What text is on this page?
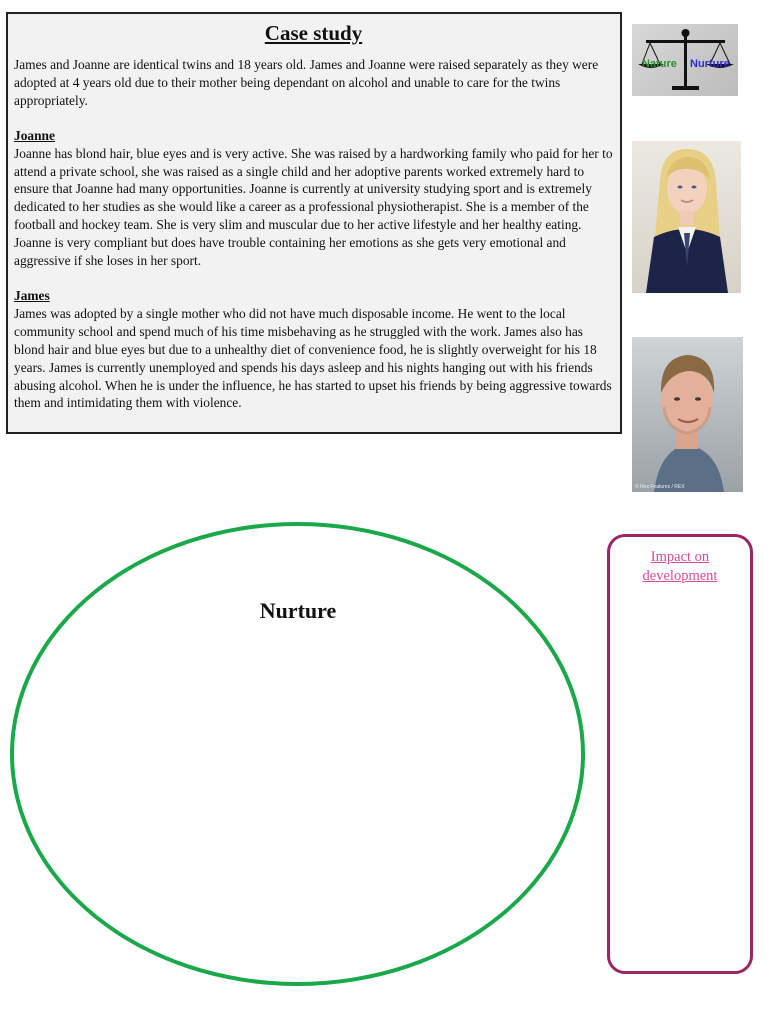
Case study

James and Joanne are identical twins and 18 years old. James and Joanne were raised separately as they were adopted at 4 years old due to their mother being dependant on alcohol and unable to care for the twins appropriately.

Joanne

Joanne has blond hair, blue eyes and is very active. She was raised by a hardworking family who paid for her to attend a private school, she was raised as a single child and her adoptive parents worked extremely hard to ensure that Joanne had many opportunities. Joanne is currently at university studying sport and is extremely dedicated to her studies as she would like a career as a professional physiotherapist. She is a member of the football and hockey team. She is very slim and muscular due to her active lifestyle and her healthy eating. Joanne is very compliant but does have trouble containing her emotions as she gets very emotional and aggressive if she loses in her sport.

James

James was adopted by a single mother who did not have much disposable income. He went to the local community school and spend much of his time misbehaving as he struggled with the work. James also has blond hair and blue eyes but due to a unhealthy diet of convenience food, he is slightly overweight for his 18 years. James is currently unemployed and spends his days asleep and his nights hanging out with his friends abusing alcohol. When he is under the influence, he has started to upset his friends by being aggressive towards them and intimidating them with violence.

Nature Nurture
© Rex Features / REX
Nurture
Impact on development
